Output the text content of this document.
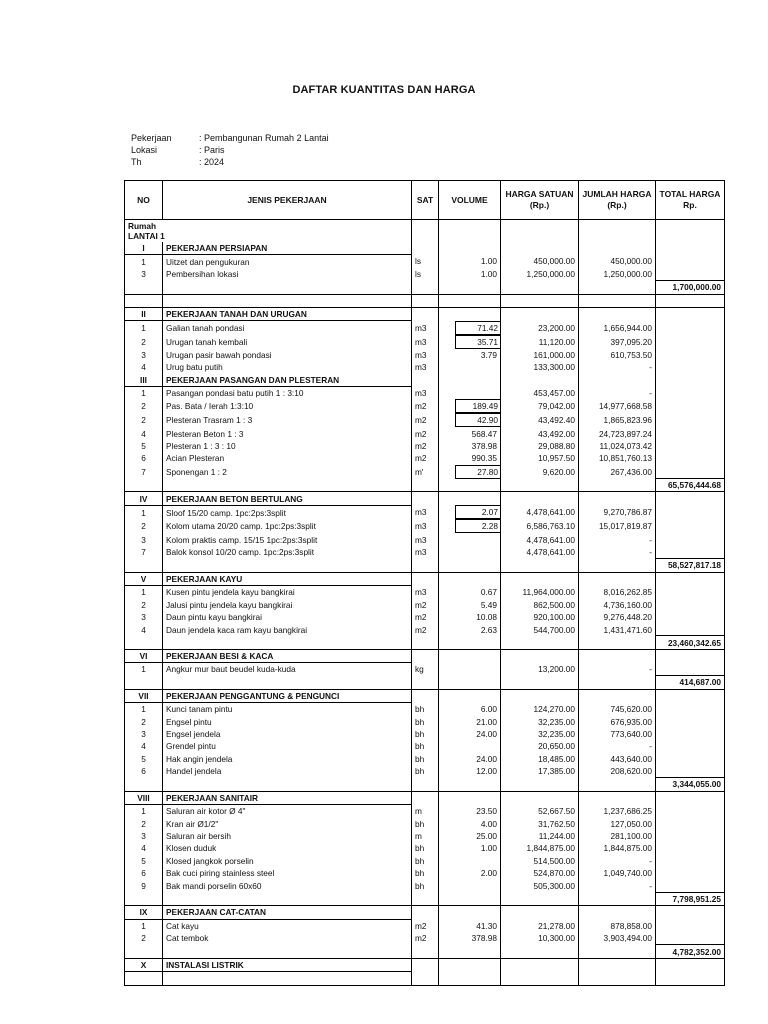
DAFTAR KUANTITAS DAN HARGA
Pekerjaan	: Pembangunan Rumah 2 Lantai
Lokasi	: Paris
Th	: 2024
NO	JENIS PEKERJAAN	SAT	VOLUME	HARGA SATUAN (Rp.)	JUMLAH HARGA (Rp.)	TOTAL HARGA Rp.
Rumah
LANTAI 1						
I	PEKERJAAN PERSIAPAN					
1	Uitzet dan pengukuran	ls	1.00	450,000.00	450,000.00	
3	Pembersihan lokasi	ls	1.00	1,250,000.00	1,250,000.00	
						1,700,000.00

II	PEKERJAAN TANAH DAN URUGAN					
1	Galian tanah pondasi	m3	71.42	23,200.00	1,656,944.00	
2	Urugan tanah kembali	m3	35.71	11,120.00	397,095.20	
3	Urugan pasir bawah pondasi	m3	3.79	161,000.00	610,753.50	
4	Urug batu putih	m3		133,300.00	-	
III	PEKERJAAN PASANGAN DAN PLESTERAN					
1	Pasangan pondasi batu putih 1 : 3:10	m3		453,457.00	-	
2	Pas. Bata / Ierah 1:3:10	m2	189.49	79,042.00	14,977,668.58	
2	Plesteran Trasram 1 : 3	m2	42.90	43,492.40	1,865,823.96	
4	Plesteran Beton 1 : 3	m2	568.47	43,492.00	24,723,897.24	
5	Plesteran 1 : 3 : 10	m2	378.98	29,088.80	11,024,073.42	
6	Acian Plesteran	m2	990.35	10,957.50	10,851,760.13	
7	Sponengan 1 : 2	m'	27.80	9,620.00	267,436.00	
						65,576,444.68
IV	PEKERJAAN BETON BERTULANG					
1	Sloof 15/20 camp. 1pc:2ps:3split	m3	2.07	4,478,641.00	9,270,786.87	
2	Kolom utama 20/20 camp. 1pc:2ps:3split	m3	2.28	6,586,763.10	15,017,819.87	
3	Kolom praktis camp. 15/15 1pc:2ps:3split	m3		4,478,641.00	-	
7	Balok konsol 10/20 camp. 1pc:2ps:3split	m3		4,478,641.00	-	
						58,527,817.18
V	PEKERJAAN KAYU					
1	Kusen pintu jendela kayu bangkirai	m3	0.67	11,964,000.00	8,016,262.85	
2	Jalusi pintu jendela kayu bangkirai	m2	5.49	862,500.00	4,736,160.00	
3	Daun pintu kayu bangkirai	m2	10.08	920,100.00	9,276,448.20	
4	Daun jendela kaca ram kayu bangkirai	m2	2.63	544,700.00	1,431,471.60	
						23,460,342.65
VI	PEKERJAAN BESI & KACA					
1	Angkur mur baut beudel kuda-kuda	kg		13,200.00	-	
						414,687.00
VII	PEKERJAAN PENGGANTUNG & PENGUNCI					
1	Kunci tanam pintu	bh	6.00	124,270.00	745,620.00	
2	Engsel pintu	bh	21.00	32,235.00	676,935.00	
3	Engsel jendela	bh	24.00	32,235.00	773,640.00	
4	Grendel pintu	bh		20,650.00	-	
5	Hak angin jendela	bh	24.00	18,485.00	443,640.00	
6	Handel jendela	bh	12.00	17,385.00	208,620.00	
						3,344,055.00
VIII	PEKERJAAN SANITAIR					
1	Saluran air kotor Ø 4"	m	23.50	52,667.50	1,237,686.25	
2	Kran air Ø1/2"	bh	4.00	31,762.50	127,050.00	
3	Saluran air bersih	m	25.00	11,244.00	281,100.00	
4	Klosen duduk	bh	1.00	1,844,875.00	1,844,875.00	
5	Klosed jangkok porselin	bh		514,500.00	-	
6	Bak cuci piring stainless steel	bh	2.00	524,870.00	1,049,740.00	
9	Bak mandi porselin 60x60	bh		505,300.00	-	
						7,798,951.25
IX	PEKERJAAN CAT-CATAN					
1	Cat kayu	m2	41.30	21,278.00	878,858.00	
2	Cat tembok	m2	378.98	10,300.00	3,903,494.00	
						4,782,352.00
X	INSTALASI LISTRIK					
